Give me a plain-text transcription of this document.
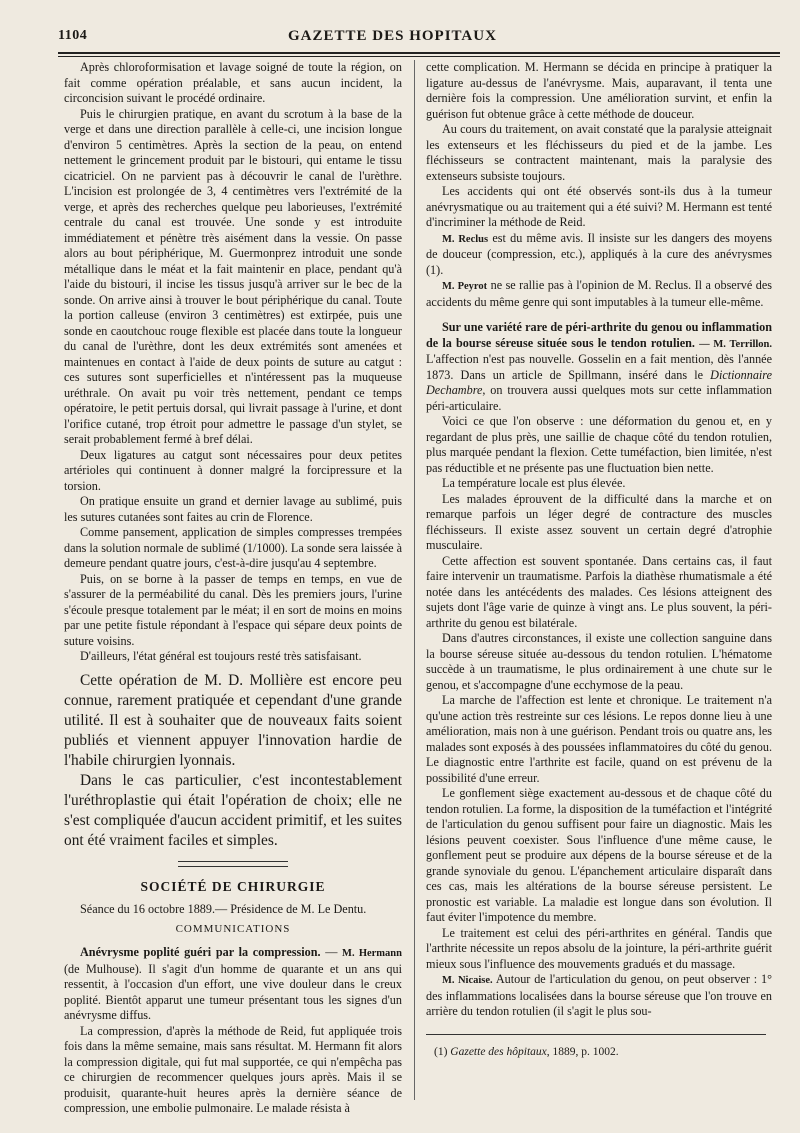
1104	GAZETTE DES HOPITAUX

Après chloroformisation et lavage soigné de toute la région, on fait comme opération préalable, et sans aucun incident, la circoncision suivant le procédé ordinaire.

Puis le chirurgien pratique, en avant du scrotum à la base de la verge et dans une direction parallèle à celle-ci, une incision longue d'environ 5 centimètres. Après la section de la peau, on entend nettement le grincement produit par le bistouri, qui entame le tissu cicatriciel. On ne parvient pas à découvrir le canal de l'urèthre. L'incision est prolongée de 3, 4 centimètres vers l'extrémité de la verge, et après des recherches quelque peu laborieuses, l'extrémité centrale du canal est trouvée. Une sonde y est introduite immédiatement et pénètre très aisément dans la vessie. On passe alors au bout périphérique, M. Guermonprez introduit une sonde métallique dans le méat et la fait maintenir en place, pendant qu'à l'aide du bistouri, il incise les tissus jusqu'à arriver sur le bec de la sonde. On arrive ainsi à trouver le bout périphérique du canal. Toute la portion calleuse (environ 3 centimètres) est extirpée, puis une sonde en caoutchouc rouge flexible est placée dans toute la longueur du canal de l'urèthre, dont les deux extrémités sont amenées et maintenues en contact à l'aide de deux points de suture au catgut : ces sutures sont superficielles et n'intéressent pas la muqueuse uréthrale. On avait pu voir très nettement, pendant ce temps opératoire, le petit pertuis dorsal, qui livrait passage à l'urine, et dont l'orifice cutané, trop étroit pour admettre le passage d'un stylet, se serait probablement fermé à bref délai.

Deux ligatures au catgut sont nécessaires pour deux petites artérioles qui continuent à donner malgré la forcipressure et la torsion.

On pratique ensuite un grand et dernier lavage au sublimé, puis les sutures cutanées sont faites au crin de Florence.

Comme pansement, application de simples compresses trempées dans la solution normale de sublimé (1/1000). La sonde sera laissée à demeure pendant quatre jours, c'est-à-dire jusqu'au 4 septembre.

Puis, on se borne à la passer de temps en temps, en vue de s'assurer de la perméabilité du canal. Dès les premiers jours, l'urine s'écoule presque totalement par le méat; il en sort de moins en moins par une petite fistule répondant à l'espace qui sépare deux points de suture voisins.

D'ailleurs, l'état général est toujours resté très satisfaisant.

Cette opération de M. D. Mollière est encore peu connue, rarement pratiquée et cependant d'une grande utilité. Il est à souhaiter que de nouveaux faits soient publiés et viennent appuyer l'innovation hardie de l'habile chirurgien lyonnais.

Dans le cas particulier, c'est incontestablement l'uréthroplastie qui était l'opération de choix; elle ne s'est compliquée d'aucun accident primitif, et les suites ont été vraiment faciles et simples.

SOCIÉTÉ DE CHIRURGIE

Séance du 16 octobre 1889.— Présidence de M. Le Dentu.

COMMUNICATIONS

Anévrysme poplité guéri par la compression. — M. Hermann (de Mulhouse). Il s'agit d'un homme de quarante et un ans qui ressentit, à l'occasion d'un effort, une vive douleur dans le creux poplité. Bientôt apparut une tumeur présentant tous les signes d'un anévrysme diffus.

La compression, d'après la méthode de Reid, fut appliquée trois fois dans la même semaine, mais sans résultat. M. Hermann fit alors la compression digitale, qui fut mal supportée, ce qui n'empêcha pas ce chirurgien de recommencer quelques jours après. Mais il se produisit, quarante-huit heures après la dernière séance de compression, une embolie pulmonaire. Le malade résista à

cette complication. M. Hermann se décida en principe à pratiquer la ligature au-dessus de l'anévrysme. Mais, auparavant, il tenta une dernière fois la compression. Une amélioration survint, et enfin la guérison fut obtenue grâce à cette méthode de douceur.

Au cours du traitement, on avait constaté que la paralysie atteignait les extenseurs et les fléchisseurs du pied et de la jambe. Les fléchisseurs se contractent maintenant, mais la paralysie des extenseurs subsiste toujours.

Les accidents qui ont été observés sont-ils dus à la tumeur anévrysmatique ou au traitement qui a été suivi? M. Hermann est tenté d'incriminer la méthode de Reid.

M. Reclus est du même avis. Il insiste sur les dangers des moyens de douceur (compression, etc.), appliqués à la cure des anévrysmes (1).

M. Peyrot ne se rallie pas à l'opinion de M. Reclus. Il a observé des accidents du même genre qui sont imputables à la tumeur elle-même.

Sur une variété rare de péri-arthrite du genou ou inflammation de la bourse séreuse située sous le tendon rotulien. — M. Terrillon. L'affection n'est pas nouvelle. Gosselin en a fait mention, dès l'année 1873. Dans un article de Spillmann, inséré dans le Dictionnaire Dechambre, on trouvera aussi quelques mots sur cette inflammation péri-articulaire.

Voici ce que l'on observe : une déformation du genou et, en y regardant de plus près, une saillie de chaque côté du tendon rotulien, plus marquée pendant la flexion. Cette tuméfaction, bien limitée, n'est pas réductible et ne présente pas une fluctuation bien nette.

La température locale est plus élevée.

Les malades éprouvent de la difficulté dans la marche et on remarque parfois un léger degré de contracture des muscles fléchisseurs. Il existe assez souvent un certain degré d'atrophie musculaire.

Cette affection est souvent spontanée. Dans certains cas, il faut faire intervenir un traumatisme. Parfois la diathèse rhumatismale a été notée dans les antécédents des malades. Ces lésions atteignent des sujets dont l'âge varie de quinze à vingt ans. Le plus souvent, la péri-arthrite du genou est bilatérale.

Dans d'autres circonstances, il existe une collection sanguine dans la bourse séreuse située au-dessous du tendon rotulien. L'hématome succède à un traumatisme, le plus ordinairement à une chute sur le genou, et s'accompagne d'une ecchymose de la peau.

La marche de l'affection est lente et chronique. Le traitement n'a qu'une action très restreinte sur ces lésions. Le repos donne lieu à une amélioration, mais non à une guérison. Pendant trois ou quatre ans, les malades sont exposés à des poussées inflammatoires du côté du genou. Le diagnostic entre l'arthrite est facile, quand on est prévenu de la possibilité d'une erreur.

Le gonflement siège exactement au-dessous et de chaque côté du tendon rotulien. La forme, la disposition de la tuméfaction et l'intégrité de l'articulation du genou suffisent pour faire un diagnostic. Mais les lésions peuvent coexister. Sous l'influence d'une même cause, le gonflement peut se produire aux dépens de la bourse séreuse et de la grande synoviale du genou. L'épanchement articulaire disparaît dans ces cas, mais les altérations de la bourse séreuse persistent. Le pronostic est variable. La maladie est longue dans son évolution. Il faut éviter l'impotence du membre.

Le traitement est celui des péri-arthrites en général. Tandis que l'arthrite nécessite un repos absolu de la jointure, la péri-arthrite guérit mieux sous l'influence des mouvements gradués et du massage.

M. Nicaise. Autour de l'articulation du genou, on peut observer : 1° des inflammations localisées dans la bourse séreuse que l'on trouve en arrière du tendon rotulien (il s'agit le plus sou-

(1) Gazette des hôpitaux, 1889, p. 1002.
